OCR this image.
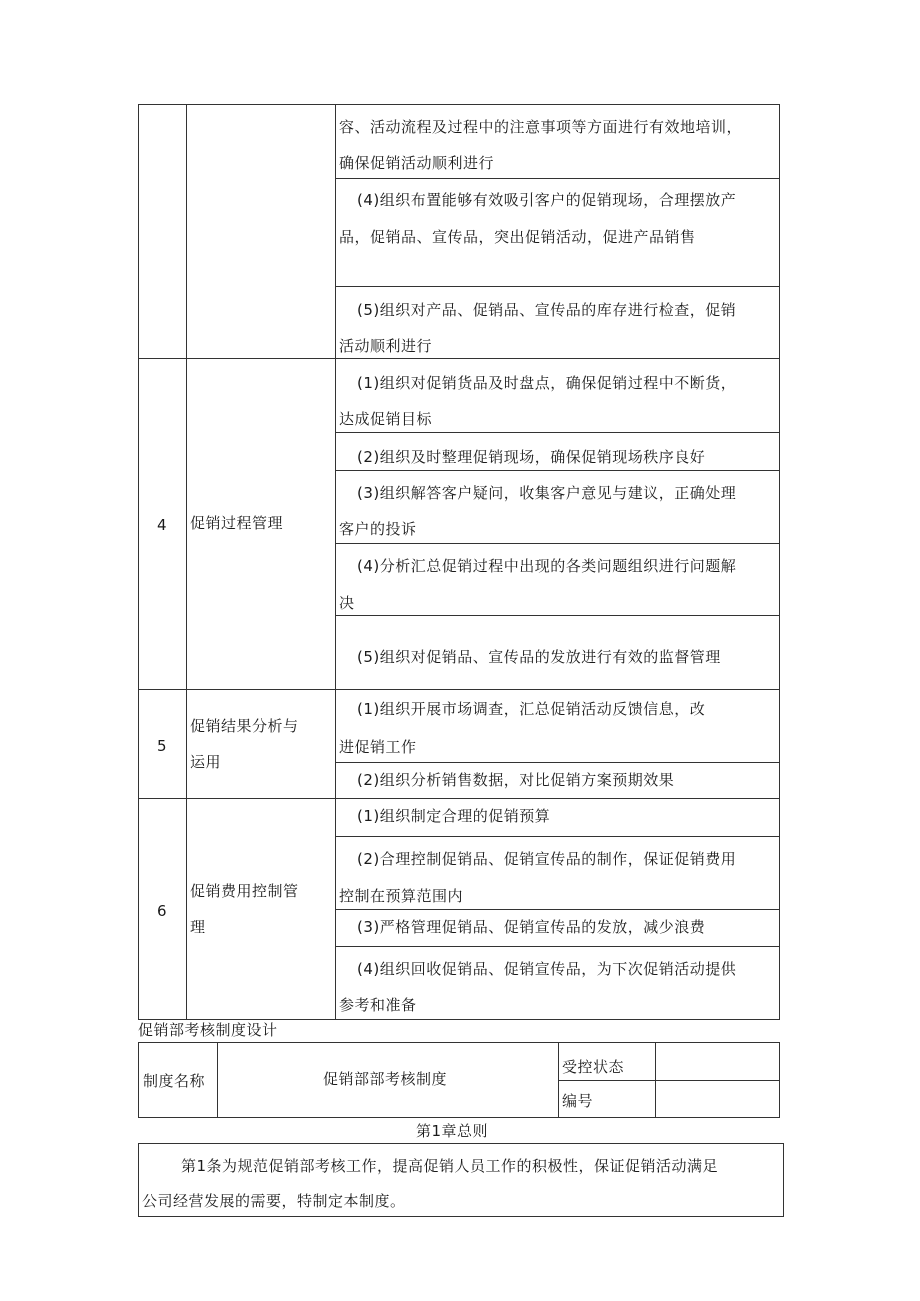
容、活动流程及过程中的注意事项等方面进行有效地培训，
确保促销活动顺利进行
(4)组织布置能够有效吸引客户的促销现场，合理摆放产
品，促销品、宣传品，突出促销活动，促进产品销售
(5)组织对产品、促销品、宣传品的库存进行检查，促销
活动顺利进行
4 促销过程管理
(1)组织对促销货品及时盘点，确保促销过程中不断货，
达成促销目标
(2)组织及时整理促销现场，确保促销现场秩序良好
(3)组织解答客户疑问，收集客户意见与建议，正确处理
客户的投诉
(4)分析汇总促销过程中出现的各类问题组织进行问题解
决
(5)组织对促销品、宣传品的发放进行有效的监督管理
5
促销结果分析与
运用
(1)组织开展市场调查，汇总促销活动反馈信息，改
进促销工作
(2)组织分析销售数据，对比促销方案预期效果
6
促销费用控制管
理
(1)组织制定合理的促销预算
(2)合理控制促销品、促销宣传品的制作，保证促销费用
控制在预算范围内
(3)严格管理促销品、促销宣传品的发放，减少浪费
(4)组织回收促销品、促销宣传品，为下次促销活动提供
参考和准备
促销部考核制度设计
制度名称	促销部部考核制度
受控状态
编号
第1章总则
第1条为规范促销部考核工作，提高促销人员工作的积极性，保证促销活动满足
公司经营发展的需要，特制定本制度。
